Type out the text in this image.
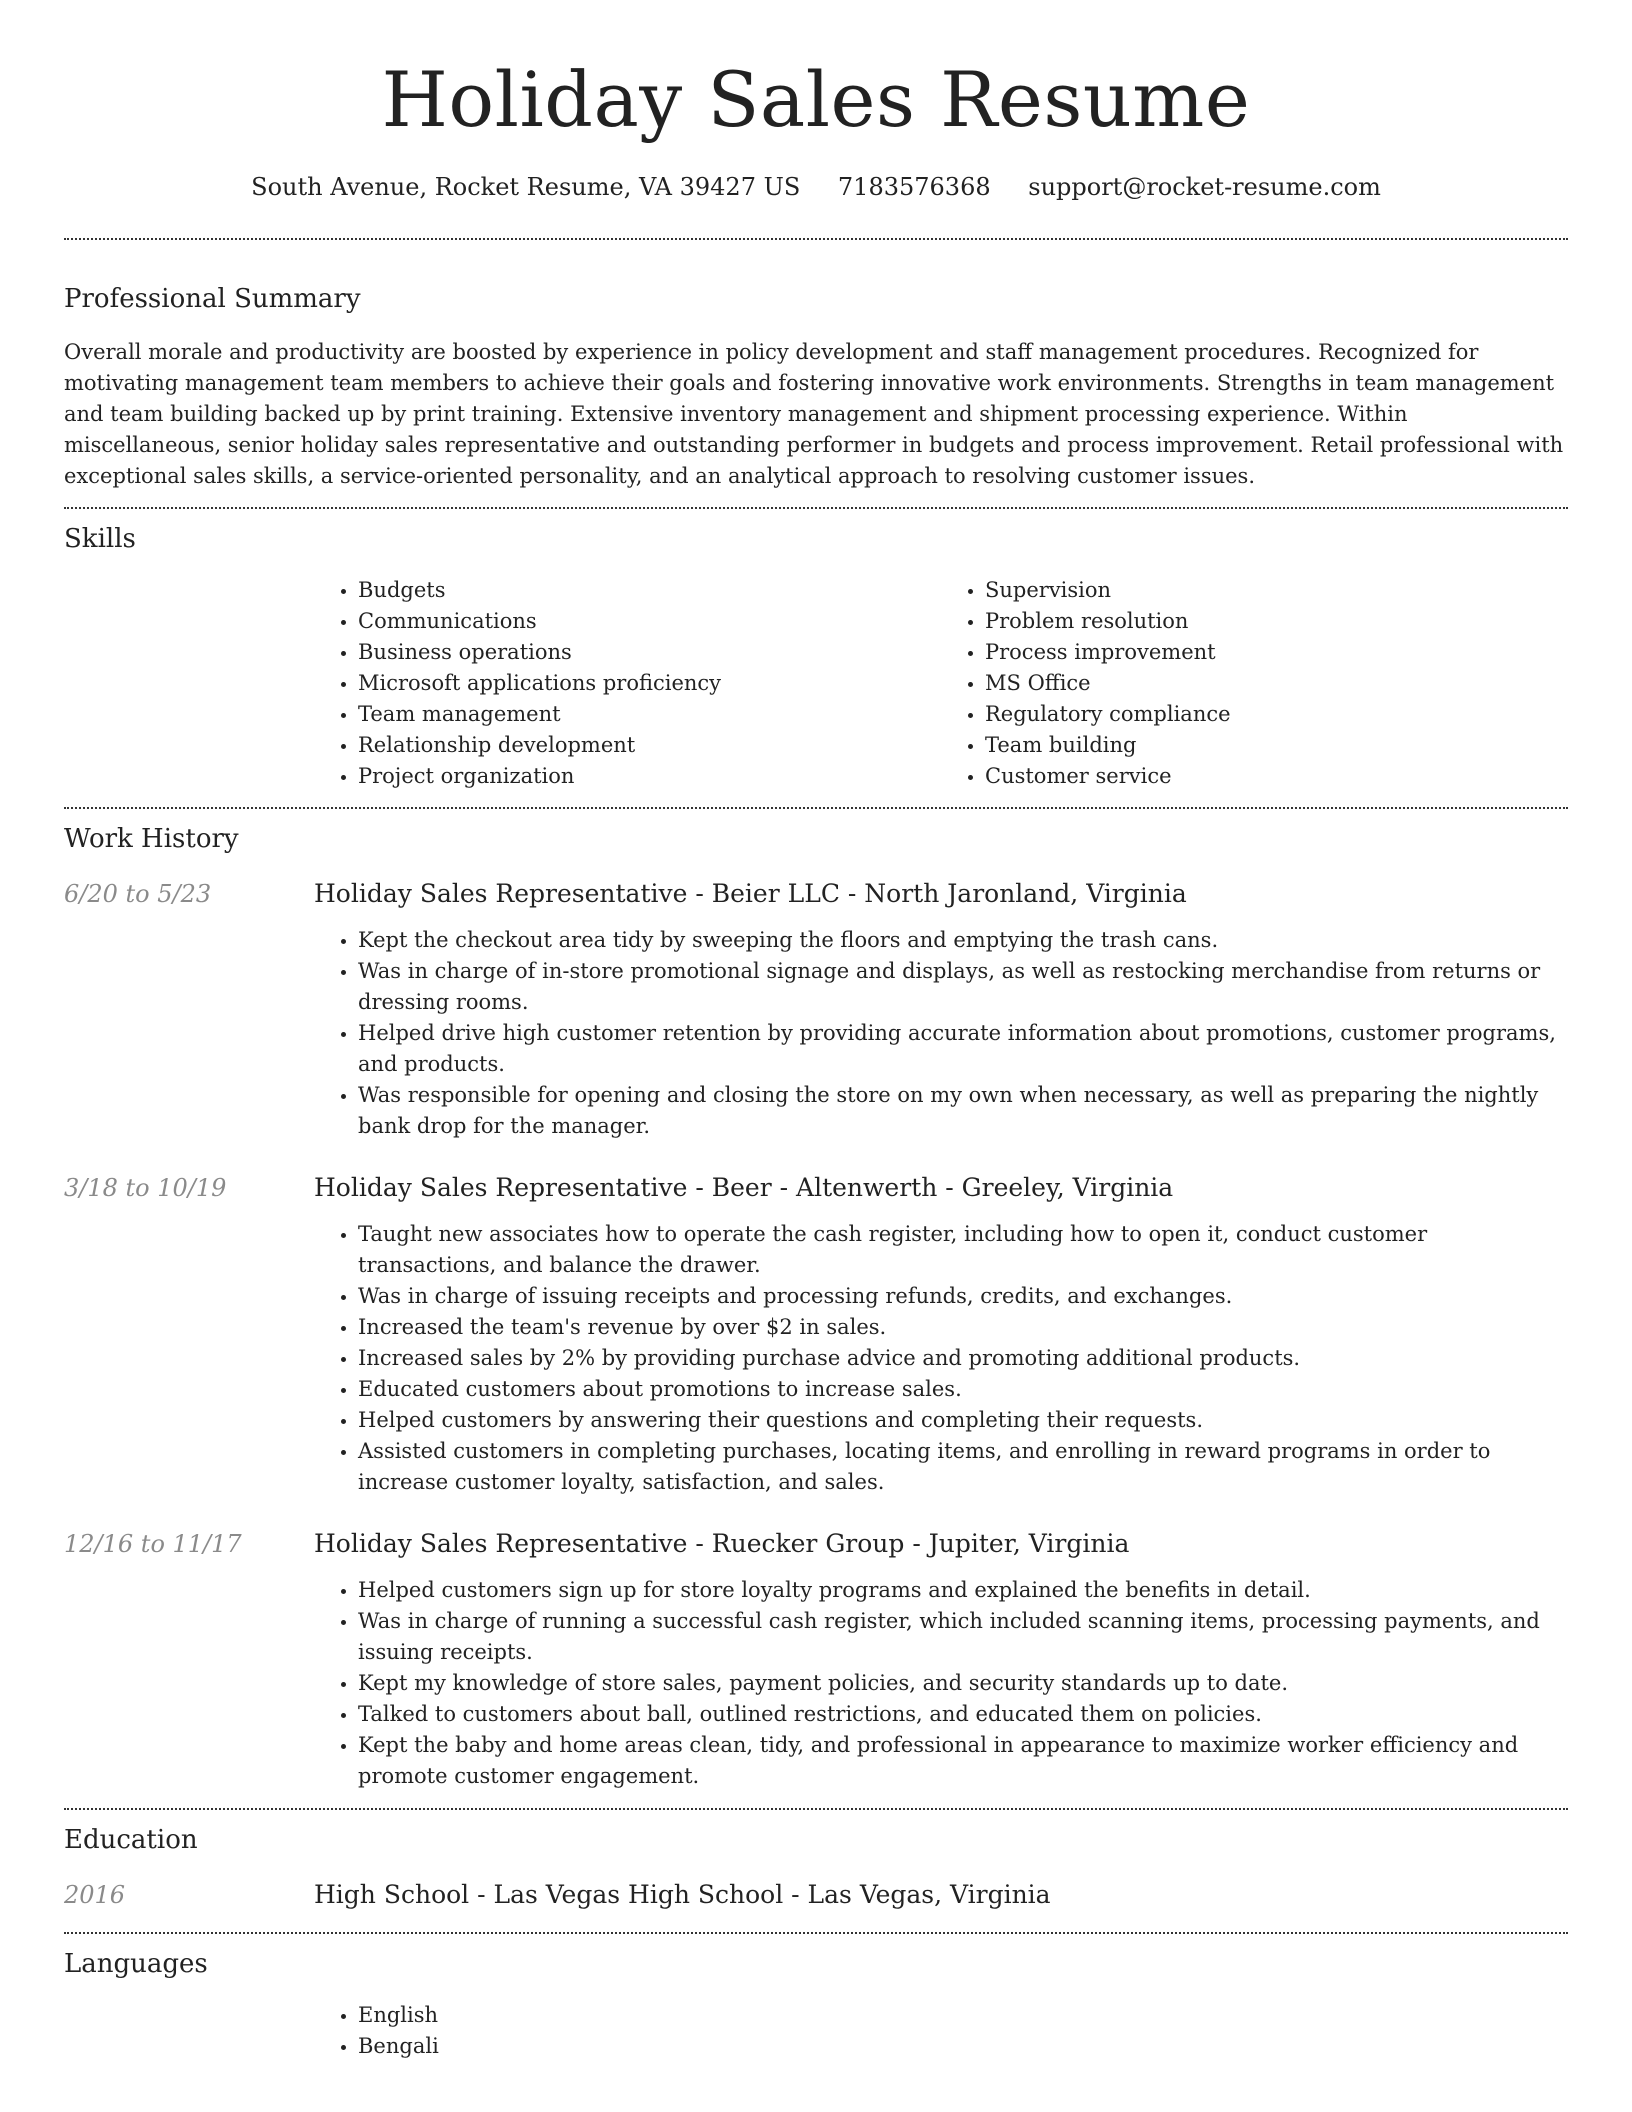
Holiday Sales Resume
South Avenue, Rocket Resume, VA 39427 US 7183576368 support@rocket-resume.com
Professional Summary

Overall morale and productivity are boosted by experience in policy development and staff management procedures. Recognized for motivating management team members to achieve their goals and fostering innovative work environments. Strengths in team management and team building backed up by print training. Extensive inventory management and shipment processing experience. Within miscellaneous, senior holiday sales representative and outstanding performer in budgets and process improvement. Retail professional with exceptional sales skills, a service-oriented personality, and an analytical approach to resolving customer issues.

Skills
• Budgets
• Communications
• Business operations
• Microsoft applications proficiency
• Team management
• Relationship development
• Project organization
• Supervision
• Problem resolution
• Process improvement
• MS Office
• Regulatory compliance
• Team building
• Customer service
Work History
6/20 to 5/23	Holiday Sales Representative - Beier LLC - North Jaronland, Virginia

• Kept the checkout area tidy by sweeping the floors and emptying the trash cans.
• Was in charge of in-store promotional signage and displays, as well as restocking merchandise from returns or dressing rooms.
• Helped drive high customer retention by providing accurate information about promotions, customer programs, and products.
• Was responsible for opening and closing the store on my own when necessary, as well as preparing the nightly bank drop for the manager.
3/18 to 10/19	Holiday Sales Representative - Beer - Altenwerth - Greeley, Virginia

• Taught new associates how to operate the cash register, including how to open it, conduct customer transactions, and balance the drawer.
• Was in charge of issuing receipts and processing refunds, credits, and exchanges.
• Increased the team's revenue by over $2 in sales.
• Increased sales by 2% by providing purchase advice and promoting additional products.
• Educated customers about promotions to increase sales.
• Helped customers by answering their questions and completing their requests.
• Assisted customers in completing purchases, locating items, and enrolling in reward programs in order to increase customer loyalty, satisfaction, and sales.
12/16 to 11/17	Holiday Sales Representative - Ruecker Group - Jupiter, Virginia

• Helped customers sign up for store loyalty programs and explained the benefits in detail.
• Was in charge of running a successful cash register, which included scanning items, processing payments, and issuing receipts.
• Kept my knowledge of store sales, payment policies, and security standards up to date.
• Talked to customers about ball, outlined restrictions, and educated them on policies.
• Kept the baby and home areas clean, tidy, and professional in appearance to maximize worker efficiency and promote customer engagement.
Education
2016	High School - Las Vegas High School - Las Vegas, Virginia

Languages
• English
• Bengali
